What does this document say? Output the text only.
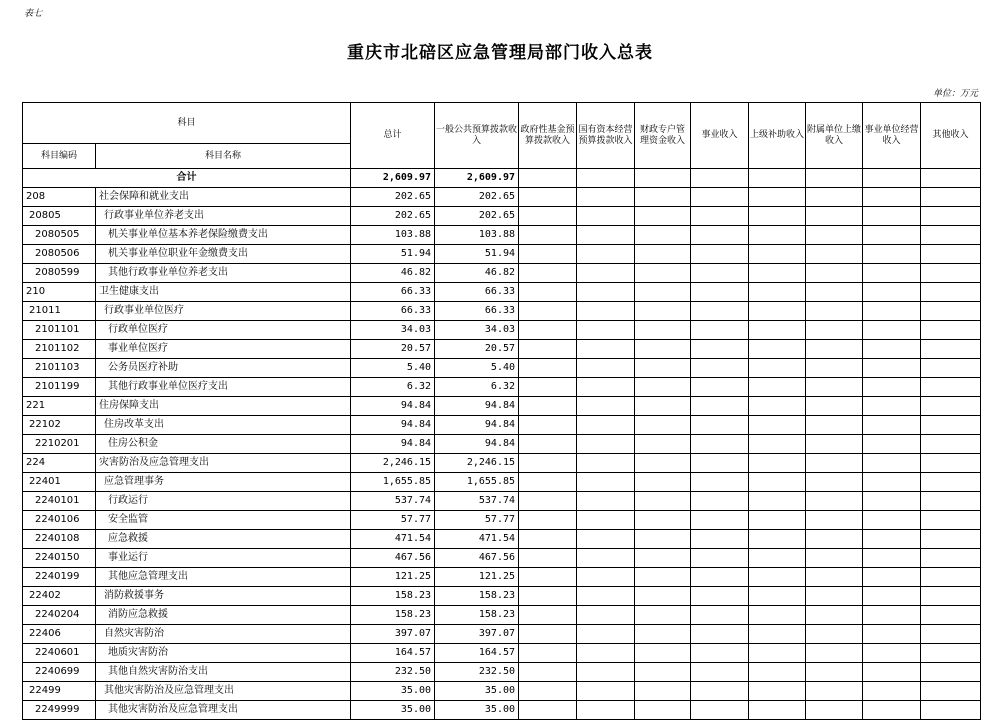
表七
重庆市北碚区应急管理局部门收入总表
单位：万元
科目		总计	一般公共预算拨款收入	政府性基金预算拨款收入	国有资本经营预算拨款收入	财政专户管理资金收入	事业收入	上级补助收入	附属单位上缴收入	事业单位经营收入	其他收入
科目编码	科目名称										
合计		2,609.97	2,609.97								
208	社会保障和就业支出	202.65	202.65								
20805	行政事业单位养老支出	202.65	202.65								
2080505	机关事业单位基本养老保险缴费支出	103.88	103.88								
2080506	机关事业单位职业年金缴费支出	51.94	51.94								
2080599	其他行政事业单位养老支出	46.82	46.82								
210	卫生健康支出	66.33	66.33								
21011	行政事业单位医疗	66.33	66.33								
2101101	行政单位医疗	34.03	34.03								
2101102	事业单位医疗	20.57	20.57								
2101103	公务员医疗补助	5.40	5.40								
2101199	其他行政事业单位医疗支出	6.32	6.32								
221	住房保障支出	94.84	94.84								
22102	住房改革支出	94.84	94.84								
2210201	住房公积金	94.84	94.84								
224	灾害防治及应急管理支出	2,246.15	2,246.15								
22401	应急管理事务	1,655.85	1,655.85								
2240101	行政运行	537.74	537.74								
2240106	安全监管	57.77	57.77								
2240108	应急救援	471.54	471.54								
2240150	事业运行	467.56	467.56								
2240199	其他应急管理支出	121.25	121.25								
22402	消防救援事务	158.23	158.23								
2240204	消防应急救援	158.23	158.23								
22406	自然灾害防治	397.07	397.07								
2240601	地质灾害防治	164.57	164.57								
2240699	其他自然灾害防治支出	232.50	232.50								
22499	其他灾害防治及应急管理支出	35.00	35.00								
2249999	其他灾害防治及应急管理支出	35.00	35.00								
